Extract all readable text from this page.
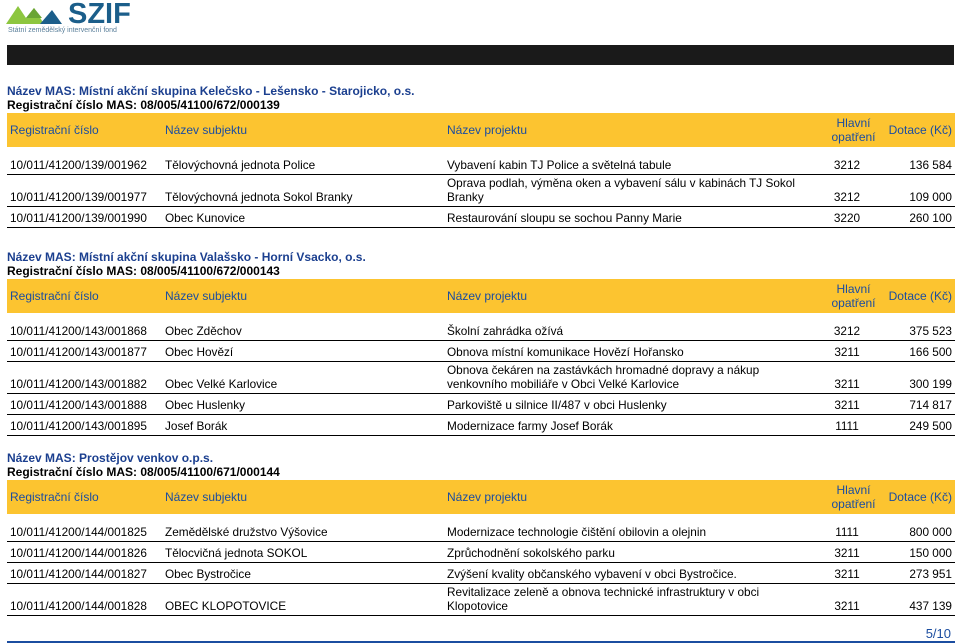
SZIF
Státní zemědělský intervenční fond
Název MAS: Místní akční skupina Kelečsko - Lešensko - Starojicko, o.s.
Registrační číslo MAS: 08/005/41100/672/000139
Registrační číslo	Název subjektu	Název projektu	Hlavní
opatření	Dotace (Kč)

10/011/41200/139/001962	Tělovýchovná jednota Police	Vybavení kabin TJ Police a světelná tabule	3212	136 584
10/011/41200/139/001977	Tělovýchovná jednota Sokol Branky	Oprava podlah, výměna oken a vybavení sálu v kabinách TJ Sokol Branky	3212	109 000
10/011/41200/139/001990	Obec Kunovice	Restaurování sloupu se sochou Panny Marie	3220	260 100
Název MAS: Místní akční skupina Valašsko - Horní Vsacko, o.s.
Registrační číslo MAS: 08/005/41100/672/000143
Registrační číslo	Název subjektu	Název projektu	Hlavní
opatření	Dotace (Kč)

10/011/41200/143/001868	Obec Zděchov	Školní zahrádka ožívá	3212	375 523
10/011/41200/143/001877	Obec Hovězí	Obnova místní komunikace Hovězí Hořansko	3211	166 500
10/011/41200/143/001882	Obec Velké Karlovice	Obnova čekáren na zastávkách hromadné dopravy a nákup venkovního mobiliáře v Obci Velké Karlovice	3211	300 199
10/011/41200/143/001888	Obec Huslenky	Parkoviště u silnice II/487 v obci Huslenky	3211	714 817
10/011/41200/143/001895	Josef Borák	Modernizace farmy Josef Borák	1111	249 500
Název MAS: Prostějov venkov o.p.s.
Registrační číslo MAS: 08/005/41100/671/000144
Registrační číslo	Název subjektu	Název projektu	Hlavní
opatření	Dotace (Kč)

10/011/41200/144/001825	Zemědělské družstvo Výšovice	Modernizace technologie čištění obilovin a olejnin	1111	800 000
10/011/41200/144/001826	Tělocvičná jednota SOKOL	Zprůchodnění sokolského parku	3211	150 000
10/011/41200/144/001827	Obec Bystročice	Zvýšení kvality občanského vybavení v obci Bystročice.	3211	273 951
10/011/41200/144/001828	OBEC KLOPOTOVICE	Revitalizace zeleně a obnova technické infrastruktury v obci Klopotovice	3211	437 139
5/10
